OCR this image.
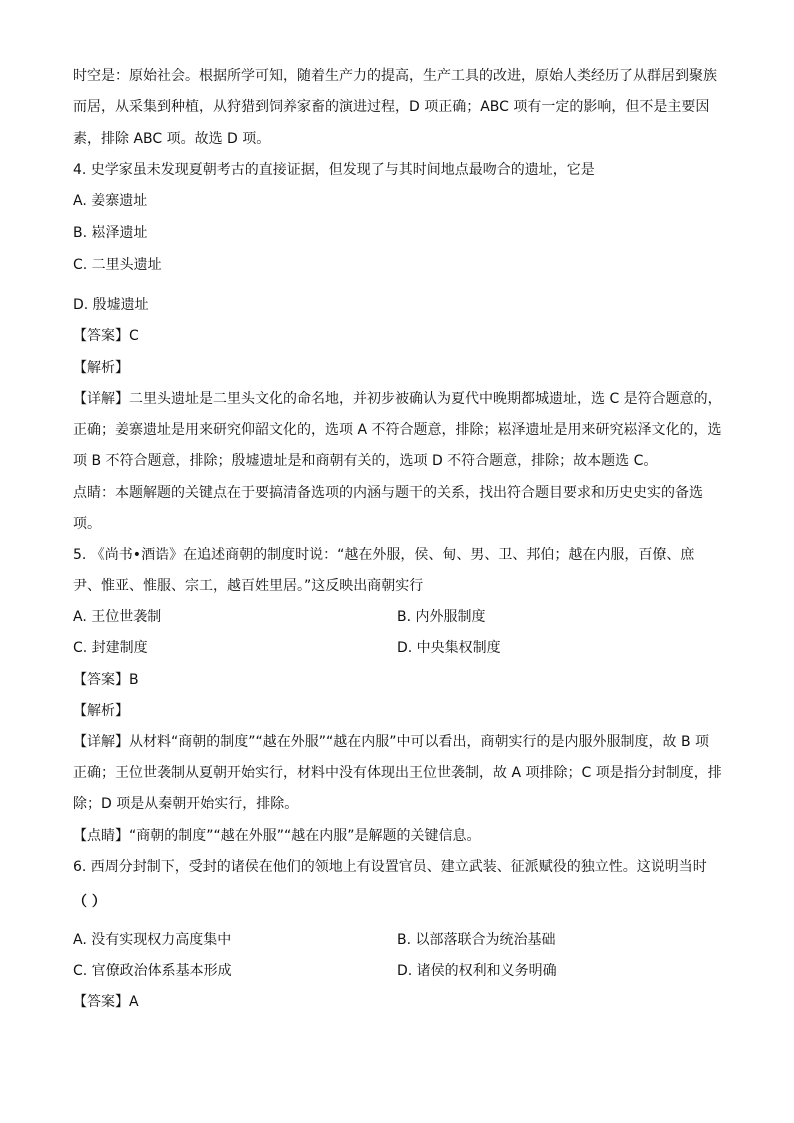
时空是：原始社会。根据所学可知，随着生产力的提高，生产工具的改进，原始人类经历了从群居到聚族
而居，从采集到种植，从狩猎到饲养家畜的演进过程，D 项正确；ABC 项有一定的影响，但不是主要因
素，排除 ABC 项。故选 D 项。
4. 史学家虽未发现夏朝考古的直接证据，但发现了与其时间地点最吻合的遗址，它是
A. 姜寨遗址
B. 崧泽遗址
C. 二里头遗址
D. 殷墟遗址
【答案】C
【解析】
【详解】二里头遗址是二里头文化的命名地，并初步被确认为夏代中晚期都城遗址，选 C 是符合题意的，
正确；姜寨遗址是用来研究仰韶文化的，选项 A 不符合题意，排除；崧泽遗址是用来研究崧泽文化的，选
项 B 不符合题意，排除；殷墟遗址是和商朝有关的，选项 D 不符合题意，排除；故本题选 C。
点睛：本题解题的关键点在于要搞清备选项的内涵与题干的关系，找出符合题目要求和历史史实的备选
项。
5. 《尚书•酒诰》在追述商朝的制度时说：“越在外服，侯、甸、男、卫、邦伯；越在内服，百僚、庶
尹、惟亚、惟服、宗工，越百姓里居。”这反映出商朝实行
A. 王位世袭制	B. 内外服制度
C. 封建制度	D. 中央集权制度
【答案】B
【解析】
【详解】从材料“商朝的制度”“越在外服”“越在内服”中可以看出，商朝实行的是内服外服制度，故 B 项
正确；王位世袭制从夏朝开始实行，材料中没有体现出王位世袭制，故 A 项排除；C 项是指分封制度，排
除；D 项是从秦朝开始实行，排除。
【点睛】“商朝的制度”“越在外服”“越在内服”是解题的关键信息。
6. 西周分封制下，受封的诸侯在他们的领地上有设置官员、建立武装、征派赋役的独立性。这说明当时
（ ）
A. 没有实现权力高度集中	B. 以部落联合为统治基础
C. 官僚政治体系基本形成	D. 诸侯的权利和义务明确
【答案】A
